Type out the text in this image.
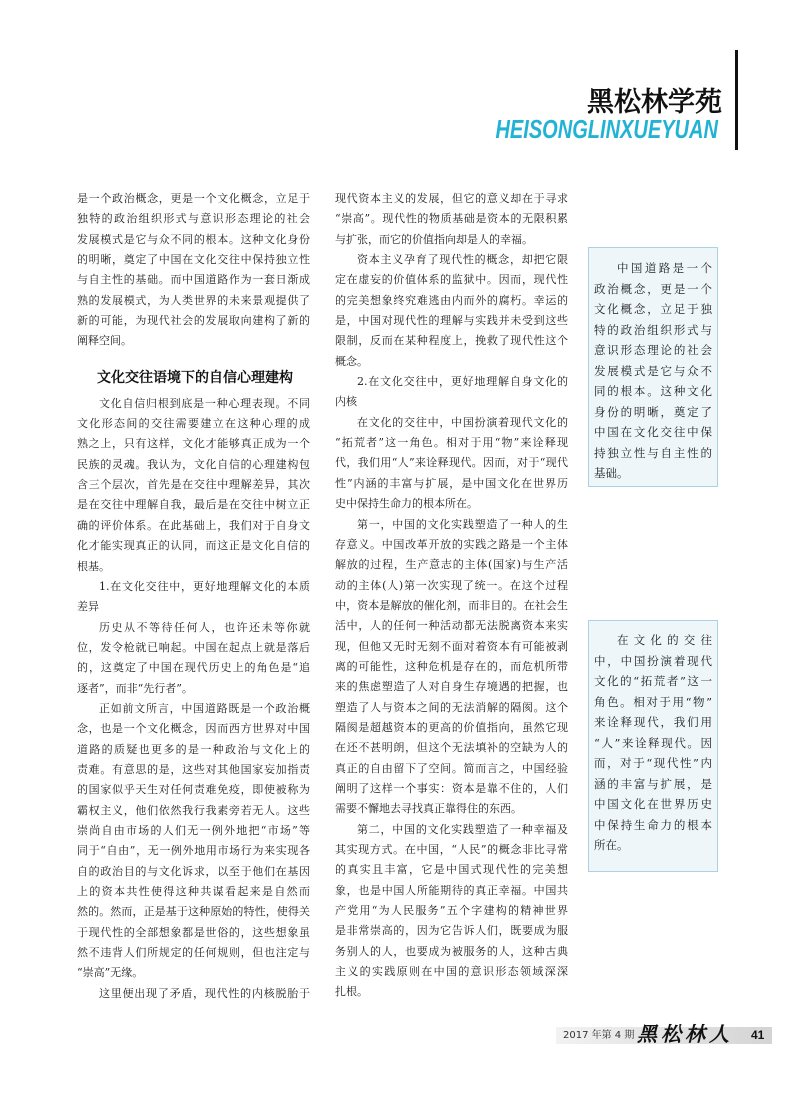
黑松林学苑
HEISONGLINXUEYUAN
是一个政治概念，更是一个文化概念，立足于
独特的政治组织形式与意识形态理论的社会
发展模式是它与众不同的根本。这种文化身份
的明晰，奠定了中国在文化交往中保持独立性
与自主性的基础。而中国道路作为一套日渐成
熟的发展模式，为人类世界的未来景观提供了
新的可能，为现代社会的发展取向建构了新的
阐释空间。
文化交往语境下的自信心理建构
文化自信归根到底是一种心理表现。不同
文化形态间的交往需要建立在这种心理的成
熟之上，只有这样，文化才能够真正成为一个
民族的灵魂。我认为，文化自信的心理建构包
含三个层次，首先是在交往中理解差异，其次
是在交往中理解自我，最后是在交往中树立正
确的评价体系。在此基础上，我们对于自身文
化才能实现真正的认同，而这正是文化自信的
根基。
1.在文化交往中，更好地理解文化的本质
差异
历史从不等待任何人，也许还未等你就
位，发令枪就已响起。中国在起点上就是落后
的，这奠定了中国在现代历史上的角色是“追
逐者”，而非“先行者”。
正如前文所言，中国道路既是一个政治概
念，也是一个文化概念，因而西方世界对中国
道路的质疑也更多的是一种政治与文化上的
责难。有意思的是，这些对其他国家妄加指责
的国家似乎天生对任何责难免疫，即使被称为
霸权主义，他们依然我行我素旁若无人。这些
崇尚自由市场的人们无一例外地把“市场”等
同于“自由”，无一例外地用市场行为来实现各
自的政治目的与文化诉求，以至于他们在基因
上的资本共性使得这种共谋看起来是自然而
然的。然而，正是基于这种原始的特性，使得关
于现代性的全部想象都是世俗的，这些想象虽
然不违背人们所规定的任何规则，但也注定与
“崇高”无缘。
这里便出现了矛盾，现代性的内核脱胎于
现代资本主义的发展，但它的意义却在于寻求
“崇高”。现代性的物质基础是资本的无限积累
与扩张，而它的价值指向却是人的幸福。
资本主义孕育了现代性的概念，却把它限
定在虚妄的价值体系的监狱中。因而，现代性
的完美想象终究难逃由内而外的腐朽。幸运的
是，中国对现代性的理解与实践并未受到这些
限制，反而在某种程度上，挽救了现代性这个
概念。
2.在文化交往中，更好地理解自身文化的
内核
在文化的交往中，中国扮演着现代文化的
“拓荒者”这一角色。相对于用“物”来诠释现
代，我们用“人”来诠释现代。因而，对于“现代
性”内涵的丰富与扩展，是中国文化在世界历
史中保持生命力的根本所在。
第一，中国的文化实践塑造了一种人的生
存意义。中国改革开放的实践之路是一个主体
解放的过程，生产意志的主体(国家)与生产活
动的主体(人)第一次实现了统一。在这个过程
中，资本是解放的催化剂，而非目的。在社会生
活中，人的任何一种活动都无法脱离资本来实
现，但他又无时无刻不面对着资本有可能被剥
离的可能性，这种危机是存在的，而危机所带
来的焦虑塑造了人对自身生存境遇的把握，也
塑造了人与资本之间的无法消解的隔阂。这个
隔阂是超越资本的更高的价值指向，虽然它现
在还不甚明朗，但这个无法填补的空缺为人的
真正的自由留下了空间。简而言之，中国经验
阐明了这样一个事实：资本是靠不住的，人们
需要不懈地去寻找真正靠得住的东西。
第二，中国的文化实践塑造了一种幸福及
其实现方式。在中国，“人民”的概念非比寻常
的真实且丰富，它是中国式现代性的完美想
象，也是中国人所能期待的真正幸福。中国共
产党用“为人民服务”五个字建构的精神世界
是非常崇高的，因为它告诉人们，既要成为服
务别人的人，也要成为被服务的人，这种古典
主义的实践原则在中国的意识形态领域深深
扎根。
中国道路是一个
政治概念，更是一个
文化概念，立足于独
特的政治组织形式与
意识形态理论的社会
发展模式是它与众不
同的根本。这种文化
身份的明晰，奠定了
中国在文化交往中保
持独立性与自主性的
基础。
在文化的交往
中，中国扮演着现代
文化的“拓荒者”这一
角色。相对于用“物”
来诠释现代，我们用
“人”来诠释现代。因
而，对于“现代性”内
涵的丰富与扩展，是
中国文化在世界历史
中保持生命力的根本
所在。
2017 年第 4 期 黑松林人 41
